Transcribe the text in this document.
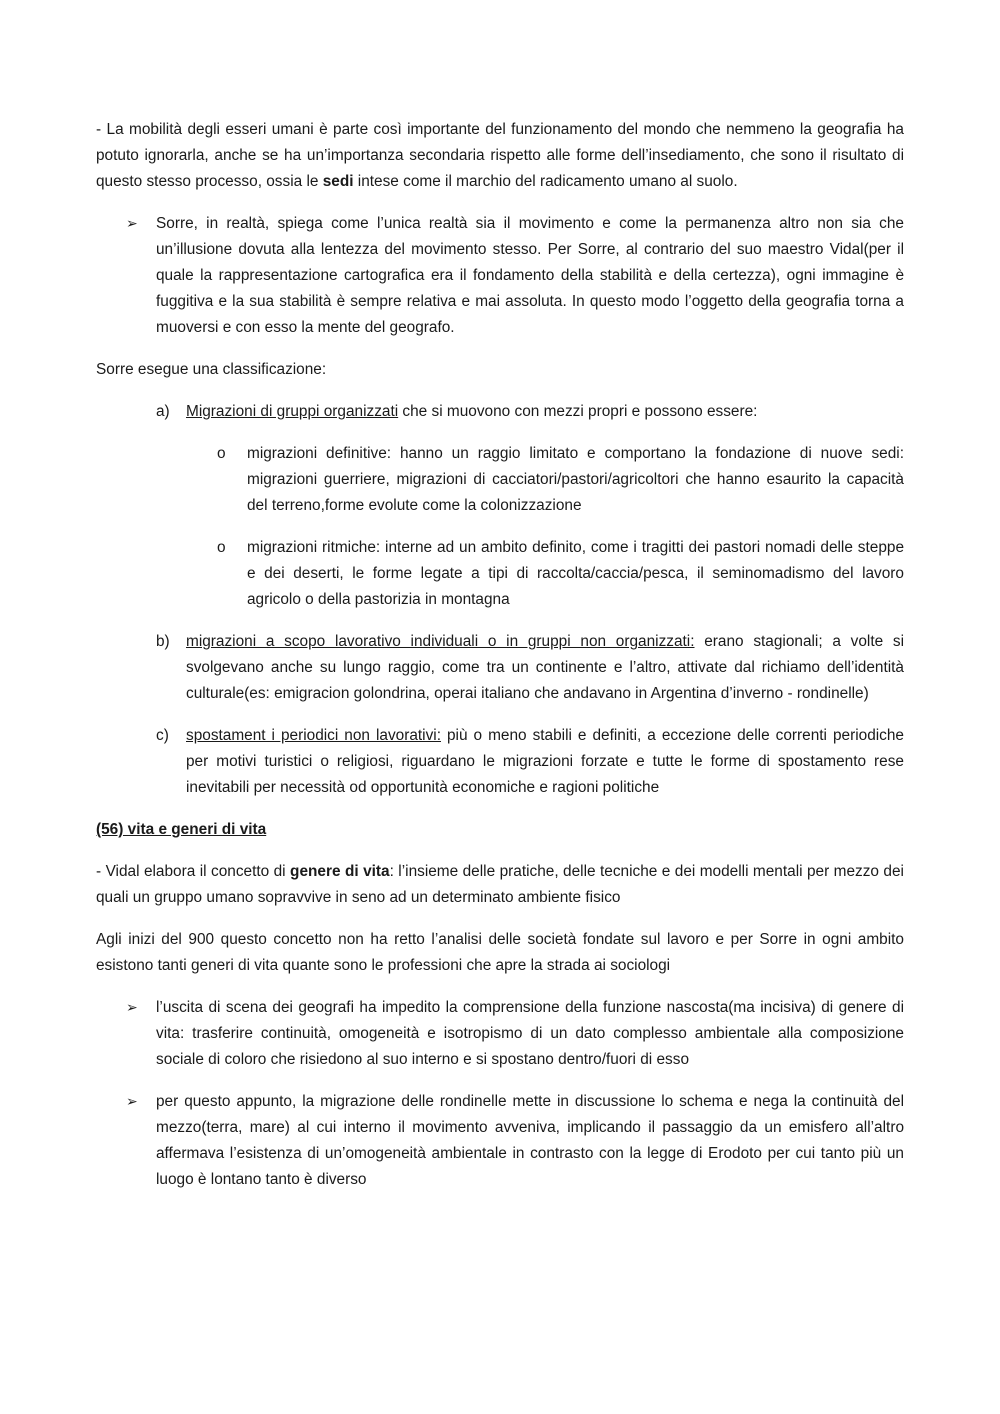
- La mobilità degli esseri umani è parte così importante del funzionamento del mondo che nemmeno la geografia ha potuto ignorarla, anche se ha un’importanza secondaria rispetto alle forme dell’insediamento, che sono il risultato di questo stesso processo, ossia le sedi intese come il marchio del radicamento umano al suolo.

➢ Sorre, in realtà, spiega come l’unica realtà sia il movimento e come la permanenza altro non sia che un’illusione dovuta alla lentezza del movimento stesso. Per Sorre, al contrario del suo maestro Vidal(per il quale la rappresentazione cartografica era il fondamento della stabilità e della certezza), ogni immagine è fuggitiva e la sua stabilità è sempre relativa e mai assoluta. In questo modo l’oggetto della geografia torna a muoversi e con esso la mente del geografo.

Sorre esegue una classificazione:

a) Migrazioni di gruppi organizzati che si muovono con mezzi propri e possono essere:
o migrazioni definitive: hanno un raggio limitato e comportano la fondazione di nuove sedi: migrazioni guerriere, migrazioni di cacciatori/pastori/agricoltori che hanno esaurito la capacità del terreno,forme evolute come la colonizzazione
o migrazioni ritmiche: interne ad un ambito definito, come i tragitti dei pastori nomadi delle steppe e dei deserti, le forme legate a tipi di raccolta/caccia/pesca, il seminomadismo del lavoro agricolo o della pastorizia in montagna
b) migrazioni a scopo lavorativo individuali o in gruppi non organizzati: erano stagionali; a volte si svolgevano anche su lungo raggio, come tra un continente e l’altro, attivate dal richiamo dell’identità culturale(es: emigracion golondrina, operai italiano che andavano in Argentina d’inverno - rondinelle)
c) spostament i periodici non lavorativi: più o meno stabili e definiti, a eccezione delle correnti periodiche per motivi turistici o religiosi, riguardano le migrazioni forzate e tutte le forme di spostamento rese inevitabili per necessità od opportunità economiche e ragioni politiche

(56) vita e generi di vita

- Vidal elabora il concetto di genere di vita: l’insieme delle pratiche, delle tecniche e dei modelli mentali per mezzo dei quali un gruppo umano sopravvive in seno ad un determinato ambiente fisico

Agli inizi del 900 questo concetto non ha retto l’analisi delle società fondate sul lavoro e per Sorre in ogni ambito esistono tanti generi di vita quante sono le professioni che apre la strada ai sociologi

➢ l’uscita di scena dei geografi ha impedito la comprensione della funzione nascosta(ma incisiva) di genere di vita: trasferire continuità, omogeneità e isotropismo di un dato complesso ambientale alla composizione sociale di coloro che risiedono al suo interno e si spostano dentro/fuori di esso
➢ per questo appunto, la migrazione delle rondinelle mette in discussione lo schema e nega la continuità del mezzo(terra, mare) al cui interno il movimento avveniva, implicando il passaggio da un emisfero all’altro affermava l’esistenza di un’omogeneità ambientale in contrasto con la legge di Erodoto per cui tanto più un luogo è lontano tanto è diverso
